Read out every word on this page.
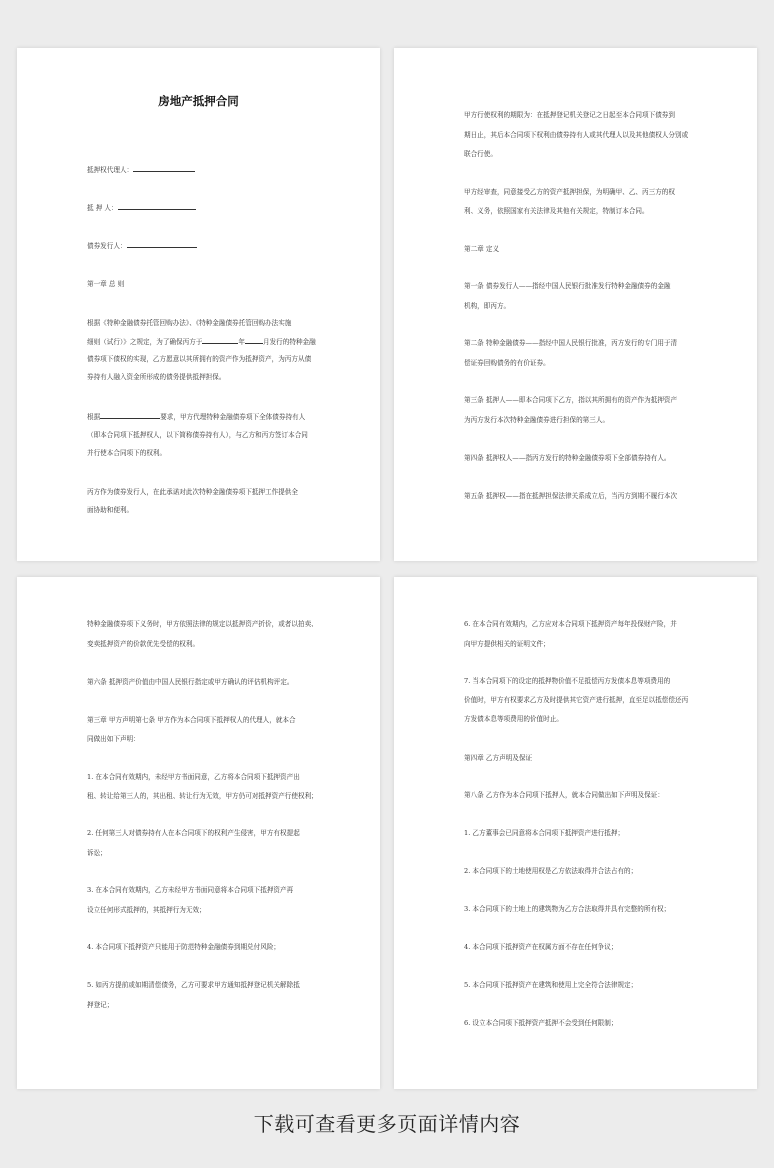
房地产抵押合同
抵押权代理人：
抵 押 人：
债券发行人：
第一章 总 则
根据《特种金融债券托管回购办法》、《特种金融债券托管回购办法实施
细则（试行）》之规定，为了确保丙方于	年	月发行的特种金融
债券项下债权的实现，乙方愿意以其所拥有的资产作为抵押资产，为丙方从债
券持有人融入资金所形成的债务提供抵押担保。
根据	要求，甲方代理特种金融债券项下全体债券持有人
（即本合同项下抵押权人，以下简称债券持有人），与乙方和丙方签订本合同
并行使本合同项下的权利。
丙方作为债券发行人，在此承诺对此次特种金融债券项下抵押工作提供全
面协助和便利。
甲方行使权利的期限为：在抵押登记机关登记之日起至本合同项下债券到
期日止，其后本合同项下权利由债券持有人或其代理人以及其他债权人分别或
联合行使。
甲方经审查，同意接受乙方的资产抵押担保，为明确甲、乙、丙三方的权
利、义务，依照国家有关法律及其他有关规定，特制订本合同。
第二章 定义
第一条 债券发行人——指经中国人民银行批准发行特种金融债券的金融
机构，即丙方。
第二条 特种金融债券——指经中国人民银行批准，丙方发行的专门用于清
偿证券回购债务的有价证券。
第三条 抵押人——即本合同项下乙方，指以其所拥有的资产作为抵押资产
为丙方发行本次特种金融债券进行担保的第三人。
第四条 抵押权人——指丙方发行的特种金融债券项下全部债券持有人。
第五条 抵押权——指在抵押担保法律关系成立后，当丙方到期不履行本次
特种金融债券项下义务时，甲方依照法律的规定以抵押资产折价，或者以拍卖、
变卖抵押资产的价款优先受偿的权利。
第六条 抵押资产价值由中国人民银行指定或甲方确认的评估机构评定。
第三章 甲方声明第七条 甲方作为本合同项下抵押权人的代理人，就本合
同做出如下声明：
1. 在本合同有效期内，未经甲方书面同意，乙方将本合同项下抵押资产出
租、转让给第三人的，其出租、转让行为无效，甲方仍可对抵押资产行使权利；
2. 任何第三人对债券持有人在本合同项下的权利产生侵害，甲方有权提起
诉讼；
3. 在本合同有效期内，乙方未经甲方书面同意将本合同项下抵押资产再
设立任何形式抵押的，其抵押行为无效；
4. 本合同项下抵押资产只能用于防范特种金融债券到期兑付风险；
5. 如丙方提前或如期清偿债务，乙方可要求甲方通知抵押登记机关解除抵
押登记；
6. 在本合同有效期内，乙方应对本合同项下抵押资产每年投保财产险，并
向甲方提供相关的证明文件；
7. 当本合同项下的设定的抵押物价值不足抵偿丙方发债本息等项费用的
价值时，甲方有权要求乙方及时提供其它资产进行抵押，直至足以抵偿偿还丙
方发债本息等项费用的价值时止。
第四章 乙方声明及保证
第八条 乙方作为本合同项下抵押人，就本合同做出如下声明及保证：
1. 乙方董事会已同意将本合同项下抵押资产进行抵押；
2. 本合同项下的土地使用权是乙方依法取得并合法占有的；
3. 本合同项下的土地上的建筑物为乙方合法取得并具有完整的所有权；
4. 本合同项下抵押资产在权属方面不存在任何争议；
5. 本合同项下抵押资产在建筑和使用上完全符合法律规定；
6. 设立本合同项下抵押资产抵押不会受到任何限制；
下载可查看更多页面详情内容
